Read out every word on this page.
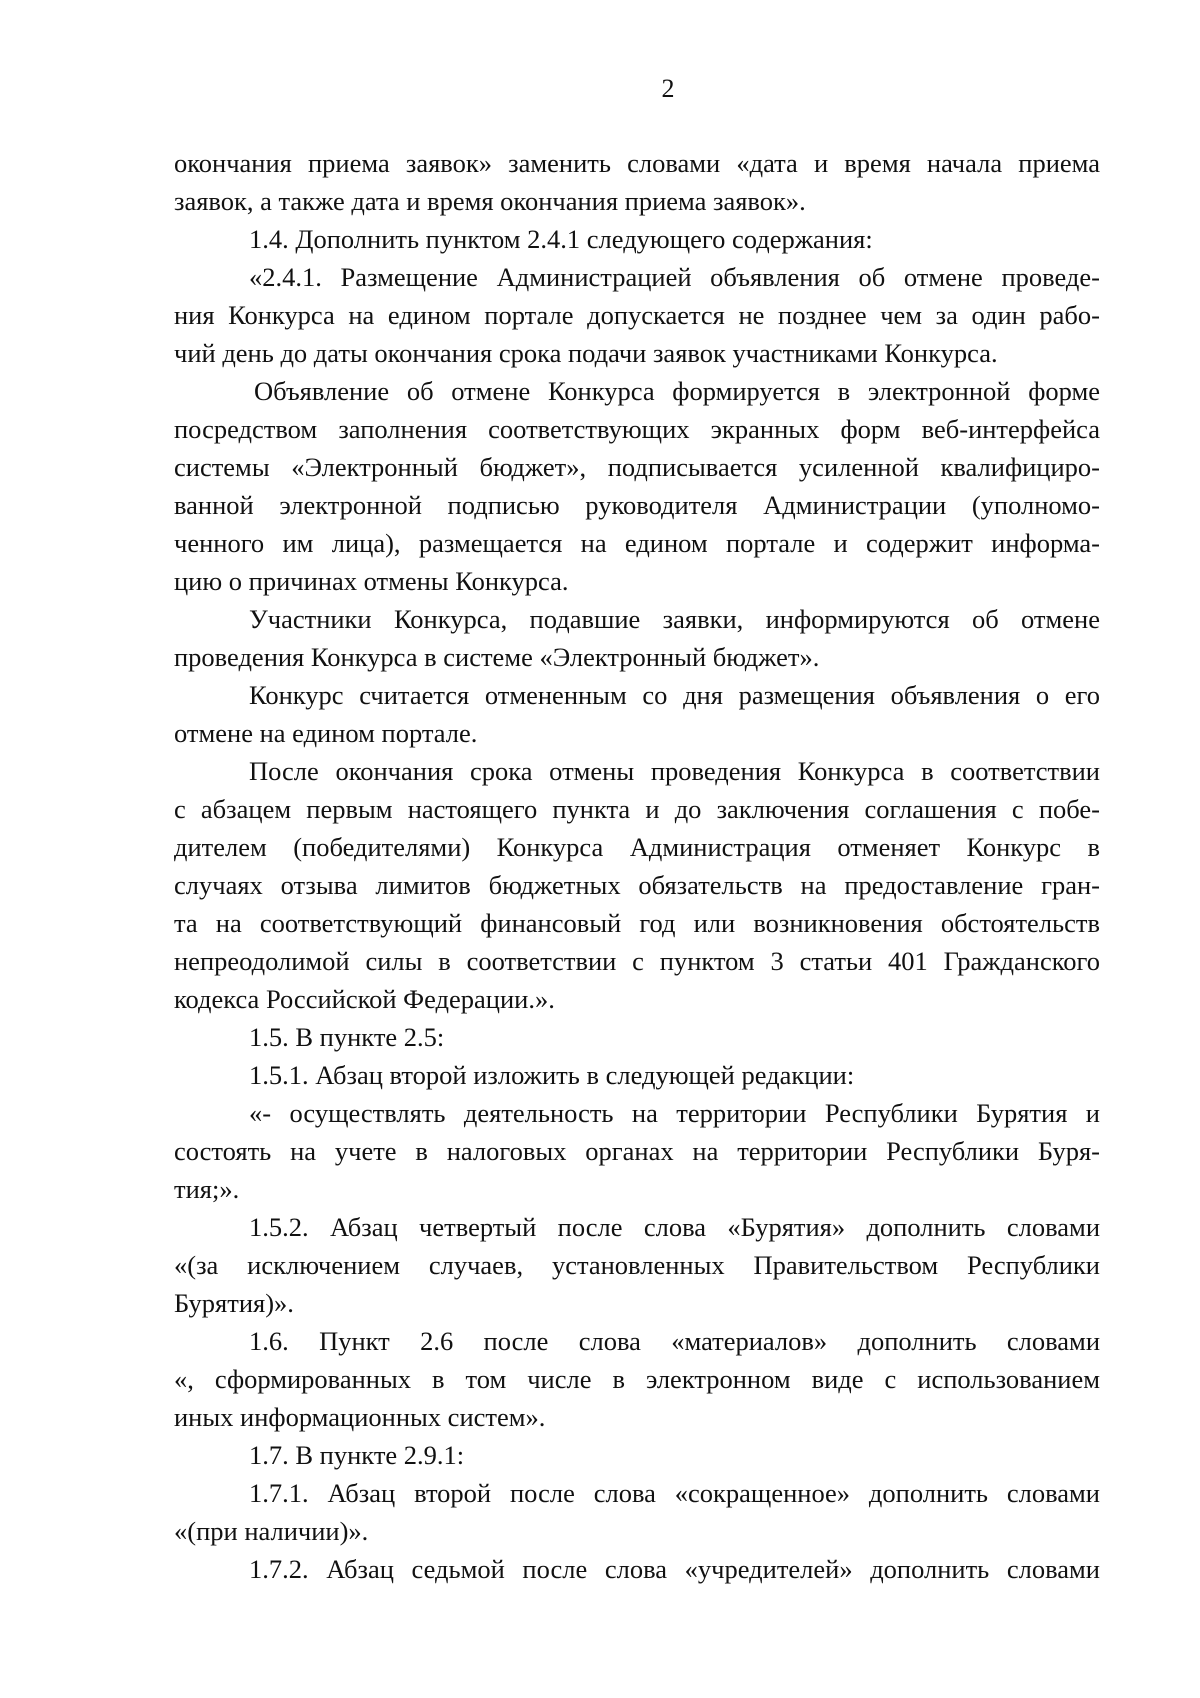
2
окончания приема заявок» заменить словами «дата и время начала приема
заявок, а также дата и время окончания приема заявок».
1.4. Дополнить пунктом 2.4.1 следующего содержания:
«2.4.1. Размещение Администрацией объявления об отмене проведе-
ния Конкурса на едином портале допускается не позднее чем за один рабо-
чий день до даты окончания срока подачи заявок участниками Конкурса.
Объявление об отмене Конкурса формируется в электронной форме
посредством заполнения соответствующих экранных форм веб-интерфейса
системы «Электронный бюджет», подписывается усиленной квалифициро-
ванной электронной подписью руководителя Администрации (уполномо-
ченного им лица), размещается на едином портале и содержит информа-
цию о причинах отмены Конкурса.
Участники Конкурса, подавшие заявки, информируются об отмене
проведения Конкурса в системе «Электронный бюджет».
Конкурс считается отмененным со дня размещения объявления о его
отмене на едином портале.
После окончания срока отмены проведения Конкурса в соответствии
с абзацем первым настоящего пункта и до заключения соглашения с побе-
дителем (победителями) Конкурса Администрация отменяет Конкурс в
случаях отзыва лимитов бюджетных обязательств на предоставление гран-
та на соответствующий финансовый год или возникновения обстоятельств
непреодолимой силы в соответствии с пунктом 3 статьи 401 Гражданского
кодекса Российской Федерации.».
1.5. В пункте 2.5:
1.5.1. Абзац второй изложить в следующей редакции:
«- осуществлять деятельность на территории Республики Бурятия и
состоять на учете в налоговых органах на территории Республики Буря-
тия;».
1.5.2. Абзац четвертый после слова «Бурятия» дополнить словами
«(за исключением случаев, установленных Правительством Республики
Бурятия)».
1.6. Пункт 2.6 после слова «материалов» дополнить словами
«, сформированных в том числе в электронном виде с использованием
иных информационных систем».
1.7. В пункте 2.9.1:
1.7.1. Абзац второй после слова «сокращенное» дополнить словами
«(при наличии)».
1.7.2. Абзац седьмой после слова «учредителей» дополнить словами
